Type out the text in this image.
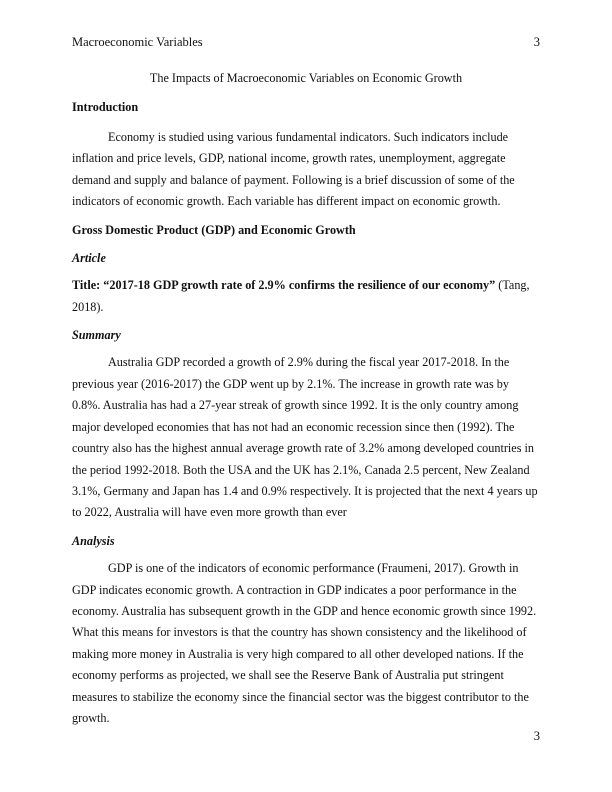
Macroeconomic Variables	3

The Impacts of Macroeconomic Variables on Economic Growth

Introduction

Economy is studied using various fundamental indicators. Such indicators include inflation and price levels, GDP, national income, growth rates, unemployment, aggregate demand and supply and balance of payment. Following is a brief discussion of some of the indicators of economic growth. Each variable has different impact on economic growth.

Gross Domestic Product (GDP) and Economic Growth

Article

Title: “2017-18 GDP growth rate of 2.9% confirms the resilience of our economy” (Tang, 2018).

Summary

Australia GDP recorded a growth of 2.9% during the fiscal year 2017-2018. In the previous year (2016-2017) the GDP went up by 2.1%. The increase in growth rate was by 0.8%. Australia has had a 27-year streak of growth since 1992. It is the only country among major developed economies that has not had an economic recession since then (1992). The country also has the highest annual average growth rate of 3.2% among developed countries in the period 1992-2018. Both the USA and the UK has 2.1%, Canada 2.5 percent, New Zealand 3.1%, Germany and Japan has 1.4 and 0.9% respectively. It is projected that the next 4 years up to 2022, Australia will have even more growth than ever

Analysis

GDP is one of the indicators of economic performance (Fraumeni, 2017). Growth in GDP indicates economic growth. A contraction in GDP indicates a poor performance in the economy. Australia has subsequent growth in the GDP and hence economic growth since 1992. What this means for investors is that the country has shown consistency and the likelihood of making more money in Australia is very high compared to all other developed nations. If the economy performs as projected, we shall see the Reserve Bank of Australia put stringent measures to stabilize the economy since the financial sector was the biggest contributor to the growth.

3
